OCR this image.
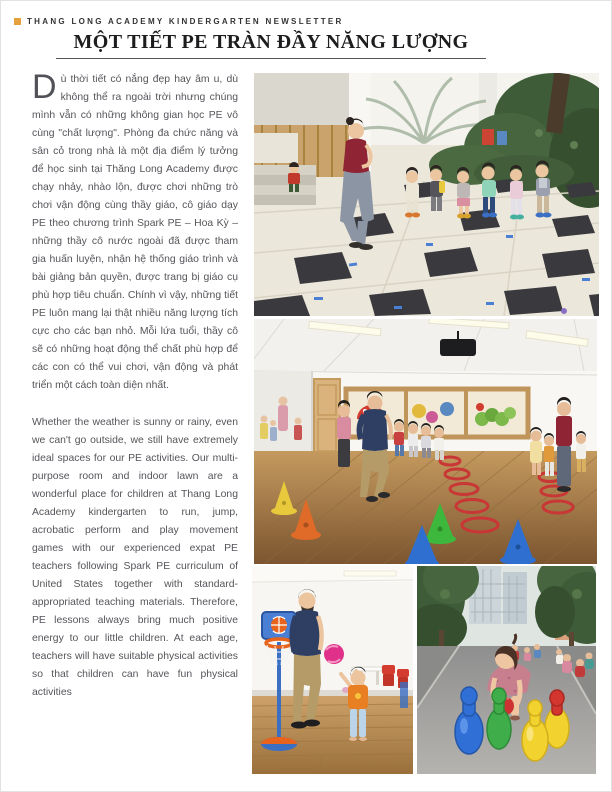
THANG LONG ACADEMY KINDERGARTEN NEWSLETTER
MỘT TIẾT PE TRÀN ĐẦY NĂNG LƯỢNG

Dù thời tiết có nắng đẹp hay âm u, dù không thể ra ngoài trời nhưng chúng mình vẫn có những không gian học PE vô cùng "chất lượng". Phòng đa chức năng và sân cỏ trong nhà là một địa điểm lý tưởng để học sinh tại Thăng Long Academy được chạy nhảy, nhào lộn, được chơi những trò chơi vận động cùng thầy giáo, cô giáo dạy PE theo chương trình Spark PE – Hoa Kỳ – những thầy cô nước ngoài đã được tham gia huấn luyện, nhận hệ thống giáo trình và bài giảng bản quyền, được trang bị giáo cụ phù hợp tiêu chuẩn. Chính vì vậy, những tiết PE luôn mang lại thật nhiều năng lượng tích cực cho các bạn nhỏ. Mỗi lứa tuổi, thầy cô sẽ có những hoạt động thể chất phù hợp để các con có thể vui chơi, vận động và phát triển một cách toàn diện nhất.

Whether the weather is sunny or rainy, even we can't go outside, we still have extremely ideal spaces for our PE activities. Our multi-purpose room and indoor lawn are a wonderful place for children at Thang Long Academy kindergarten to run, jump, acrobatic perform and play movement games with our experienced expat PE teachers following Spark PE curriculum of United States together with standard-appropriated teaching materials. Therefore, PE lessons always bring much positive energy to our little children. At each age, teachers will have suitable physical activities so that children can have fun physical activities
